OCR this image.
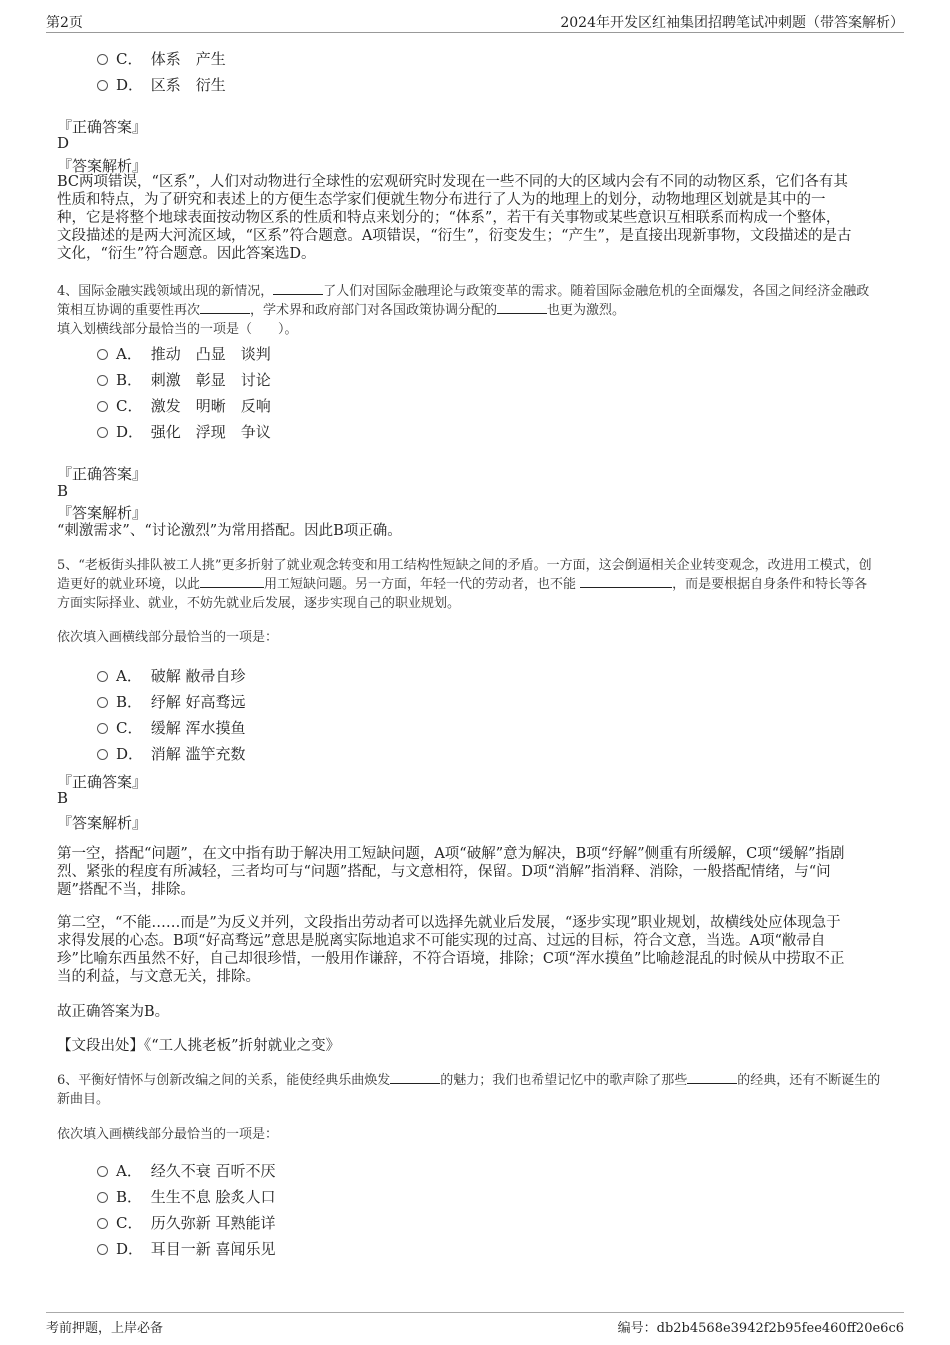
第2页	2024年开发区红袖集团招聘笔试冲刺题（带答案解析）
C． 体系　产生
D． 区系　衍生
『正确答案』
D
『答案解析』
BC两项错误，“区系”，人们对动物进行全球性的宏观研究时发现在一些不同的大的区域内会有不同的动物区系，它们各有其
性质和特点，为了研究和表述上的方便生态学家们便就生物分布进行了人为的地理上的划分，动物地理区划就是其中的一
种，它是将整个地球表面按动物区系的性质和特点来划分的；“体系”，若干有关事物或某些意识互相联系而构成一个整体，
文段描述的是两大河流区域，“区系”符合题意。A项错误，“衍生”，衍变发生；“产生”，是直接出现新事物，文段描述的是古
文化，“衍生”符合题意。因此答案选D。
4、国际金融实践领域出现的新情况，	了人们对国际金融理论与政策变革的需求。随着国际金融危机的全面爆发，各国之间经济金融政
策相互协调的重要性再次	，学术界和政府部门对各国政策协调分配的	也更为激烈。
填入划横线部分最恰当的一项是（　　）。
A． 推动　凸显　谈判
B． 刺激　彰显　讨论
C． 激发　明晰　反响
D． 强化　浮现　争议
『正确答案』
B
『答案解析』
“刺激需求”、“讨论激烈”为常用搭配。因此B项正确。
5、“老板街头排队被工人挑”更多折射了就业观念转变和用工结构性短缺之间的矛盾。一方面，这会倒逼相关企业转变观念，改进用工模式，创
造更好的就业环境，以此	用工短缺问题。另一方面，年轻一代的劳动者，也不能	，而是要根据自身条件和特长等各
方面实际择业、就业，不妨先就业后发展，逐步实现自己的职业规划。
依次填入画横线部分最恰当的一项是：
A． 破解 敝帚自珍
B． 纾解 好高骛远
C． 缓解 浑水摸鱼
D． 消解 滥竽充数
『正确答案』
B
『答案解析』
第一空，搭配“问题”，在文中指有助于解决用工短缺问题，A项“破解”意为解决，B项“纾解”侧重有所缓解，C项“缓解”指剧
烈、紧张的程度有所减轻，三者均可与“问题”搭配，与文意相符，保留。D项“消解”指消释、消除，一般搭配情绪，与“问
题”搭配不当，排除。
第二空，“不能……而是”为反义并列，文段指出劳动者可以选择先就业后发展，“逐步实现”职业规划，故横线处应体现急于
求得发展的心态。B项“好高骛远”意思是脱离实际地追求不可能实现的过高、过远的目标，符合文意，当选。A项“敝帚自
珍”比喻东西虽然不好，自己却很珍惜，一般用作谦辞，不符合语境，排除；C项“浑水摸鱼”比喻趁混乱的时候从中捞取不正
当的利益，与文意无关，排除。
故正确答案为B。
【文段出处】《“工人挑老板”折射就业之变》
6、平衡好情怀与创新改编之间的关系，能使经典乐曲焕发	的魅力；我们也希望记忆中的歌声除了那些	的经典，还有不断诞生的
新曲目。
依次填入画横线部分最恰当的一项是：
A． 经久不衰 百听不厌
B． 生生不息 脍炙人口
C． 历久弥新 耳熟能详
D． 耳目一新 喜闻乐见
考前押题，上岸必备	编号：db2b4568e3942f2b95fee460ff20e6c6
